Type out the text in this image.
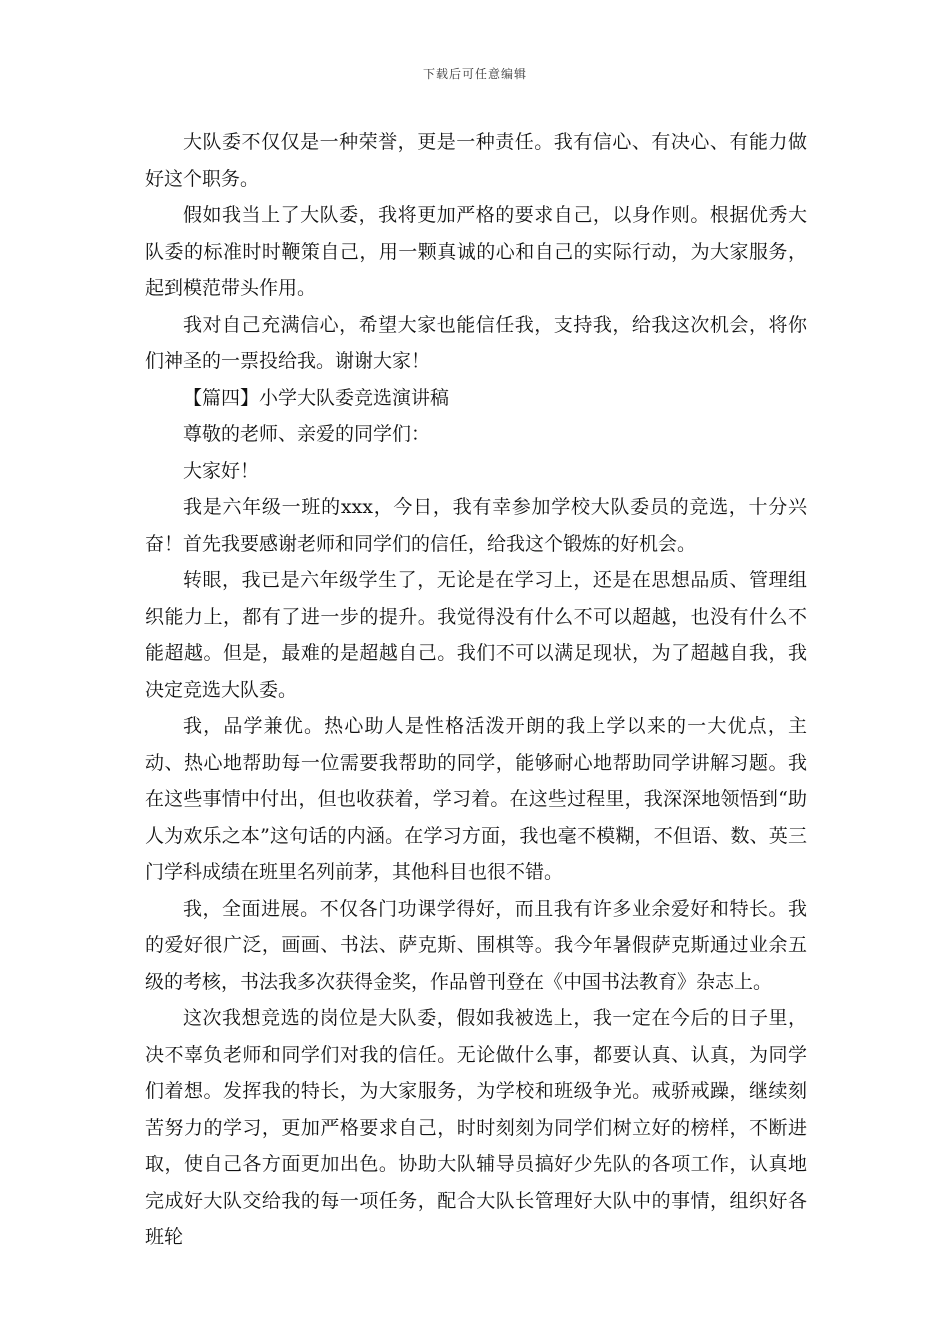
下载后可任意编辑

大队委不仅仅是一种荣誉，更是一种责任。我有信心、有决心、有能力做好这个职务。

假如我当上了大队委，我将更加严格的要求自己，以身作则。根据优秀大队委的标准时时鞭策自己，用一颗真诚的心和自己的实际行动，为大家服务，起到模范带头作用。

我对自己充满信心，希望大家也能信任我，支持我，给我这次机会，将你们神圣的一票投给我。谢谢大家！

【篇四】小学大队委竞选演讲稿

尊敬的老师、亲爱的同学们：

大家好！

我是六年级一班的xxx，今日，我有幸参加学校大队委员的竞选，十分兴奋！首先我要感谢老师和同学们的信任，给我这个锻炼的好机会。

转眼，我已是六年级学生了，无论是在学习上，还是在思想品质、管理组织能力上，都有了进一步的提升。我觉得没有什么不可以超越，也没有什么不能超越。但是，最难的是超越自己。我们不可以满足现状，为了超越自我，我决定竞选大队委。

我，品学兼优。热心助人是性格活泼开朗的我上学以来的一大优点，主动、热心地帮助每一位需要我帮助的同学，能够耐心地帮助同学讲解习题。我在这些事情中付出，但也收获着，学习着。在这些过程里，我深深地领悟到“助人为欢乐之本”这句话的内涵。在学习方面，我也毫不模糊，不但语、数、英三门学科成绩在班里名列前茅，其他科目也很不错。

我，全面进展。不仅各门功课学得好，而且我有许多业余爱好和特长。我的爱好很广泛，画画、书法、萨克斯、围棋等。我今年暑假萨克斯通过业余五级的考核，书法我多次获得金奖，作品曾刊登在《中国书法教育》杂志上。

这次我想竞选的岗位是大队委，假如我被选上，我一定在今后的日子里，决不辜负老师和同学们对我的信任。无论做什么事，都要认真、认真，为同学们着想。发挥我的特长，为大家服务，为学校和班级争光。戒骄戒躁，继续刻苦努力的学习，更加严格要求自己，时时刻刻为同学们树立好的榜样，不断进取，使自己各方面更加出色。协助大队辅导员搞好少先队的各项工作，认真地完成好大队交给我的每一项任务，配合大队长管理好大队中的事情，组织好各班轮
